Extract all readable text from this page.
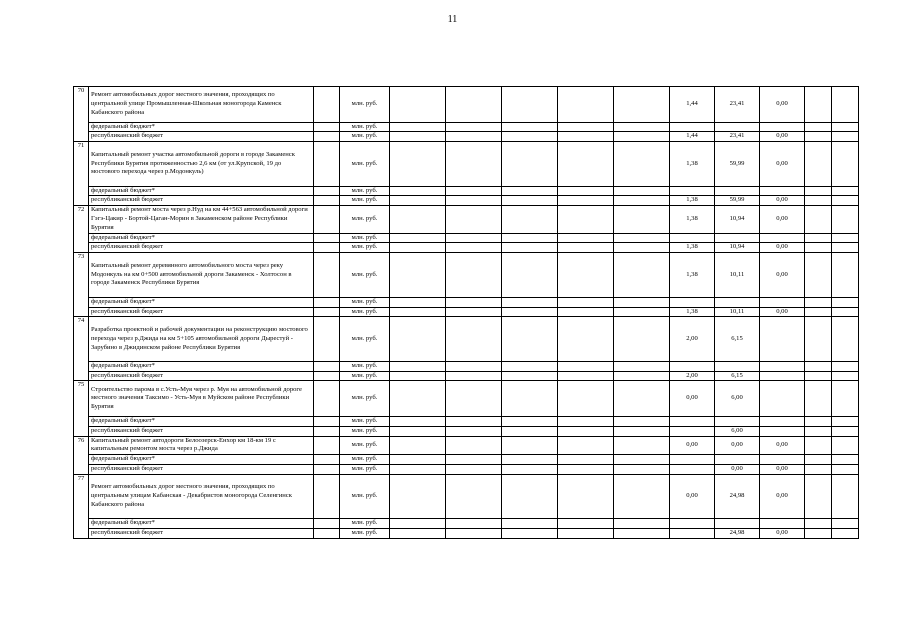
11
70	Ремонт автомобильных дорог местного значения, проходящих по центральной улице Промышленная-Школьная моногорода Каменск Кабанского района		млн. руб.						1,44	23,41	0,00		
	федеральный бюджет*		млн. руб.										
	республиканский бюджет		млн. руб.						1,44	23,41	0,00		
71	Капитальный ремонт участка автомобильной дороги в городе Закаменск Республики Бурятия протяженностью 2,6 км (от ул.Крупской, 19 до мостового перехода через р.Модонкуль)		млн. руб.						1,38	59,99	0,00		
	федеральный бюджет*		млн. руб.										
	республиканский бюджет		млн. руб.						1,38	59,99	0,00		
72	Капитальный ремонт моста через р.Нуд на км 44+563 автомобильной дороги Гэгэ-Цакир - Бортой-Цаган-Морин в Закаменском районе Республики Бурятия		млн. руб.						1,38	10,94	0,00		
	федеральный бюджет*		млн. руб.										
	республиканский бюджет		млн. руб.						1,38	10,94	0,00		
73	Капитальный ремонт деревянного автомобильного моста через реку Модонкуль на км 0+500 автомобильной дороги Закаменск - Холтосон в городе Закаменск Республики Бурятия		млн. руб.						1,38	10,11	0,00		
	федеральный бюджет*		млн. руб.										
	республиканский бюджет		млн. руб.						1,38	10,11	0,00		
74	Разработка проектной и рабочей документации на реконструкцию мостового перехода через р.Джида на км 5+105 автомобильной дороги Дырестуй - Зарубино в Джидинском районе Республики Бурятия		млн. руб.						2,00	6,15			
	федеральный бюджет*		млн. руб.										
	республиканский бюджет		млн. руб.						2,00	6,15			
75	Строительство парома в с.Усть-Муя через р. Муя на автомобильной дороге местного значения Таксимо - Усть-Муя в Муйском районе Республики Бурятия		млн. руб.						0,00	6,00			
	федеральный бюджет*		млн. руб.										
	республиканский бюджет		млн. руб.							6,00			
76	Капитальный ремонт автодороги Белоозерск-Енхор км 18-км 19 с капитальным ремонтом моста через р.Джида		млн. руб.						0,00	0,00	0,00		
	федеральный бюджет*		млн. руб.										
	республиканский бюджет		млн. руб.							0,00	0,00		
77	Ремонт автомобильных дорог местного значения, проходящих по центральным улицам Кабанская - Декабристов моногорода Селенгинск Кабанского района		млн. руб.						0,00	24,98	0,00		
	федеральный бюджет*		млн. руб.										
	республиканский бюджет		млн. руб.							24,98	0,00		
